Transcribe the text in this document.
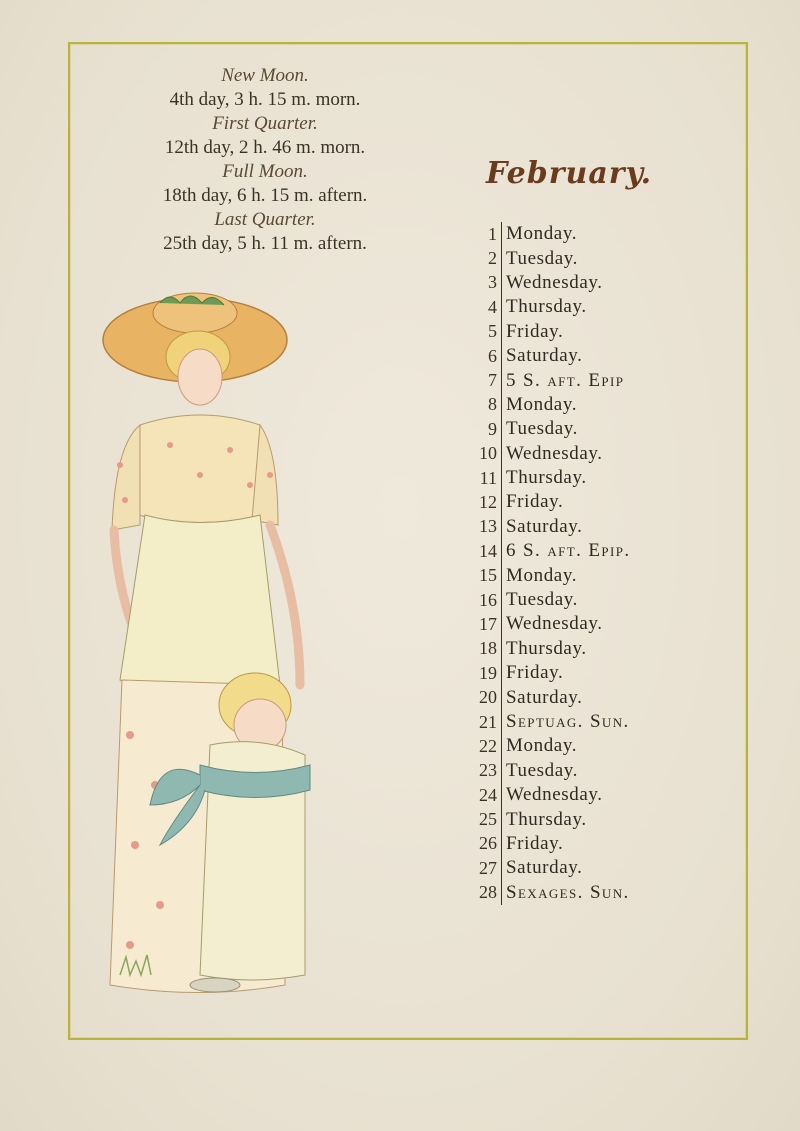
New Moon.
4th day, 3 h. 15 m. morn.
First Quarter.
12th day, 2 h. 46 m. morn.
Full Moon.
18th day, 6 h. 15 m. aftern.
Last Quarter.
25th day, 5 h. 11 m. aftern.
February.
1 Monday.
2 Tuesday.
3 Wednesday.
4 Thursday.
5 Friday.
6 Saturday.
7 5 S. aft. Epip
8 Monday.
9 Tuesday.
10 Wednesday.
11 Thursday.
12 Friday.
13 Saturday.
14 6 S. aft. Epip.
15 Monday.
16 Tuesday.
17 Wednesday.
18 Thursday.
19 Friday.
20 Saturday.
21 Septuag. Sun.
22 Monday.
23 Tuesday.
24 Wednesday.
25 Thursday.
26 Friday.
27 Saturday.
28 Sexages. Sun.
